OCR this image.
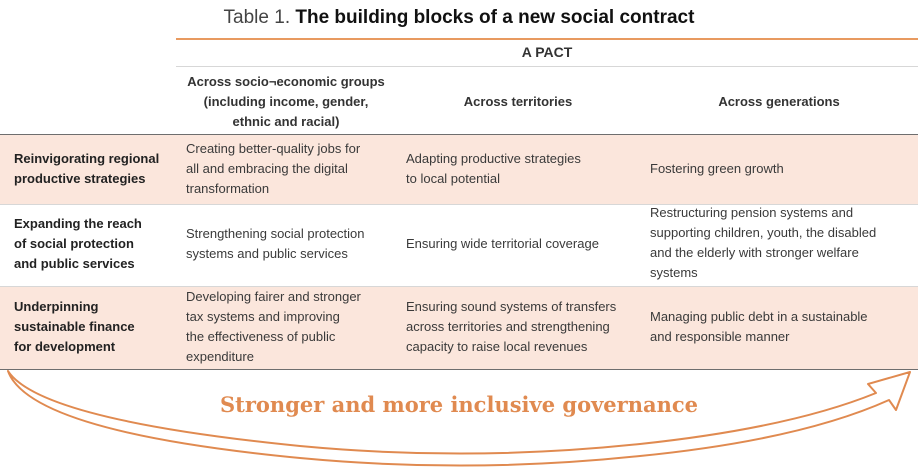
Table 1. The building blocks of a new social contract
A PACT
Across socio¬economic groups
(including income, gender,
ethnic and racial)
Across territories	Across generations
Reinvigorating regional
productive strategies
Creating better-quality jobs for
all and embracing the digital
transformation
Adapting productive strategies
to local potential
Fostering green growth
Expanding the reach
of social protection
and public services
Strengthening social protection
systems and public services
Ensuring wide territorial coverage
Restructuring pension systems and
supporting children, youth, the disabled
and the elderly with stronger welfare
systems
Underpinning
sustainable finance
for development
Developing fairer and stronger
tax systems and improving
the effectiveness of public
expenditure
Ensuring sound systems of transfers
across territories and strengthening
capacity to raise local revenues
Managing public debt in a sustainable
and responsible manner
Stronger and more inclusive governance
